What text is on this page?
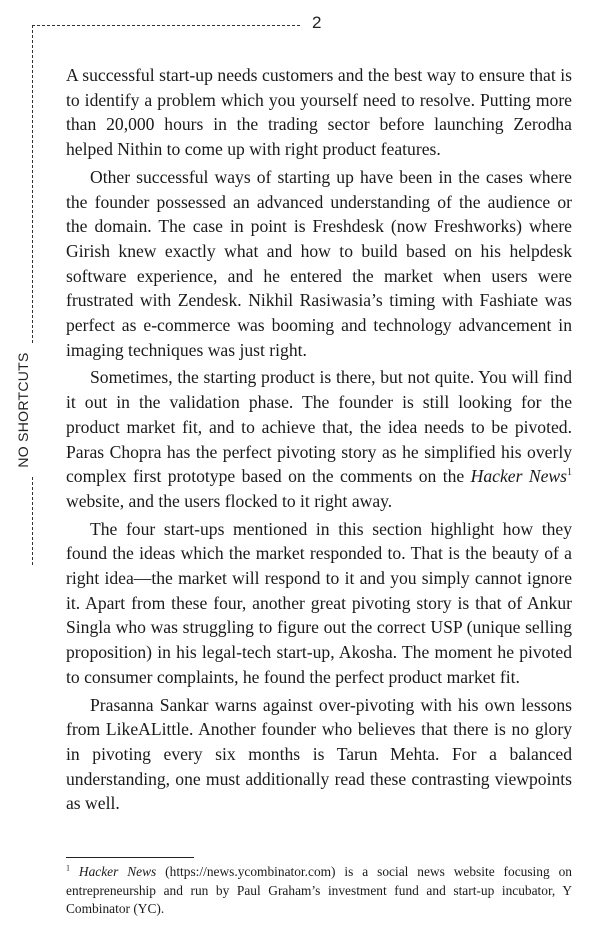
2
NO SHORTCUTS

A successful start-up needs customers and the best way to ensure that is to identify a problem which you yourself need to resolve. Putting more than 20,000 hours in the trading sector before launching Zerodha helped Nithin to come up with right product features.

Other successful ways of starting up have been in the cases where the founder possessed an advanced understanding of the audience or the domain. The case in point is Freshdesk (now Freshworks) where Girish knew exactly what and how to build based on his helpdesk software experience, and he entered the market when users were frustrated with Zendesk. Nikhil Rasiwasia’s timing with Fashiate was perfect as e-commerce was booming and technology advancement in imaging techniques was just right.

Sometimes, the starting product is there, but not quite. You will find it out in the validation phase. The founder is still looking for the product market fit, and to achieve that, the idea needs to be pivoted. Paras Chopra has the perfect pivoting story as he simplified his overly complex first prototype based on the comments on the Hacker News$^1$ website, and the users flocked to it right away.

The four start-ups mentioned in this section highlight how they found the ideas which the market responded to. That is the beauty of a right idea—the market will respond to it and you simply cannot ignore it. Apart from these four, another great pivoting story is that of Ankur Singla who was struggling to figure out the correct USP (unique selling proposition) in his legal-tech start-up, Akosha. The moment he pivoted to consumer complaints, he found the perfect product market fit.

Prasanna Sankar warns against over-pivoting with his own lessons from LikeALittle. Another founder who believes that there is no glory in pivoting every six months is Tarun Mehta. For a balanced understanding, one must additionally read these contrasting viewpoints as well.

$^1$ Hacker News (https://news.ycombinator.com) is a social news website focusing on entrepreneurship and run by Paul Graham’s investment fund and start-up incubator, Y Combinator (YC).
